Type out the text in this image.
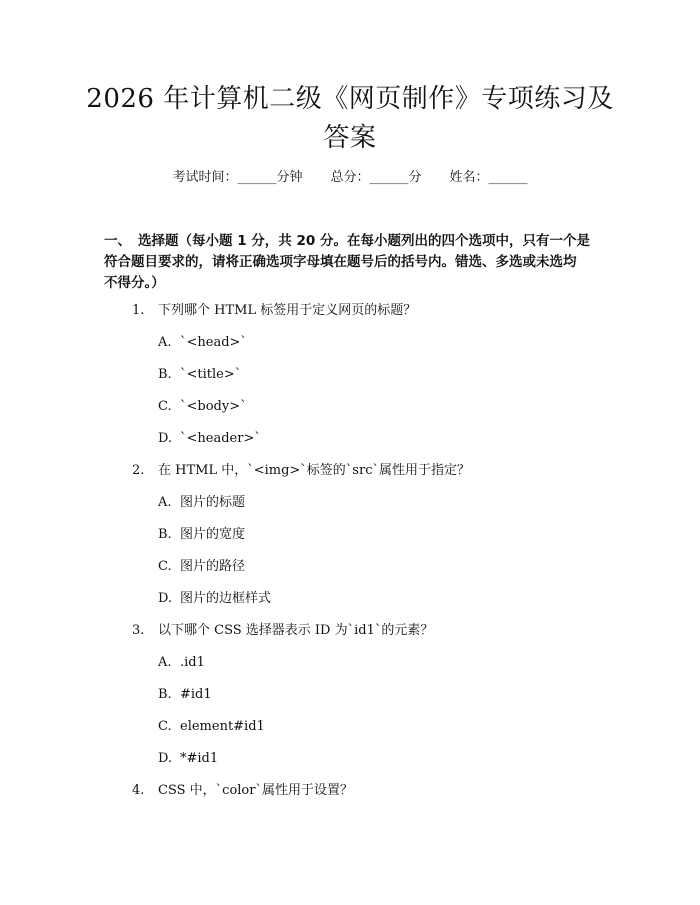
2026 年计算机二级《网页制作》专项练习及
答案
考试时间：______分钟 总分：______分 姓名：______
一、 选择题（每小题 1 分，共 20 分。在每小题列出的四个选项中，只有一个是
符合题目要求的，请将正确选项字母填在题号后的括号内。错选、多选或未选均
不得分。）
1. 下列哪个 HTML 标签用于定义网页的标题？
A. `<head>`
B. `<title>`
C. `<body>`
D. `<header>`
2. 在 HTML 中，`<img>`标签的`src`属性用于指定？
A. 图片的标题
B. 图片的宽度
C. 图片的路径
D. 图片的边框样式
3. 以下哪个 CSS 选择器表示 ID 为`id1`的元素？
A. .id1
B. #id1
C. element#id1
D. *#id1
4. CSS 中，`color`属性用于设置？
